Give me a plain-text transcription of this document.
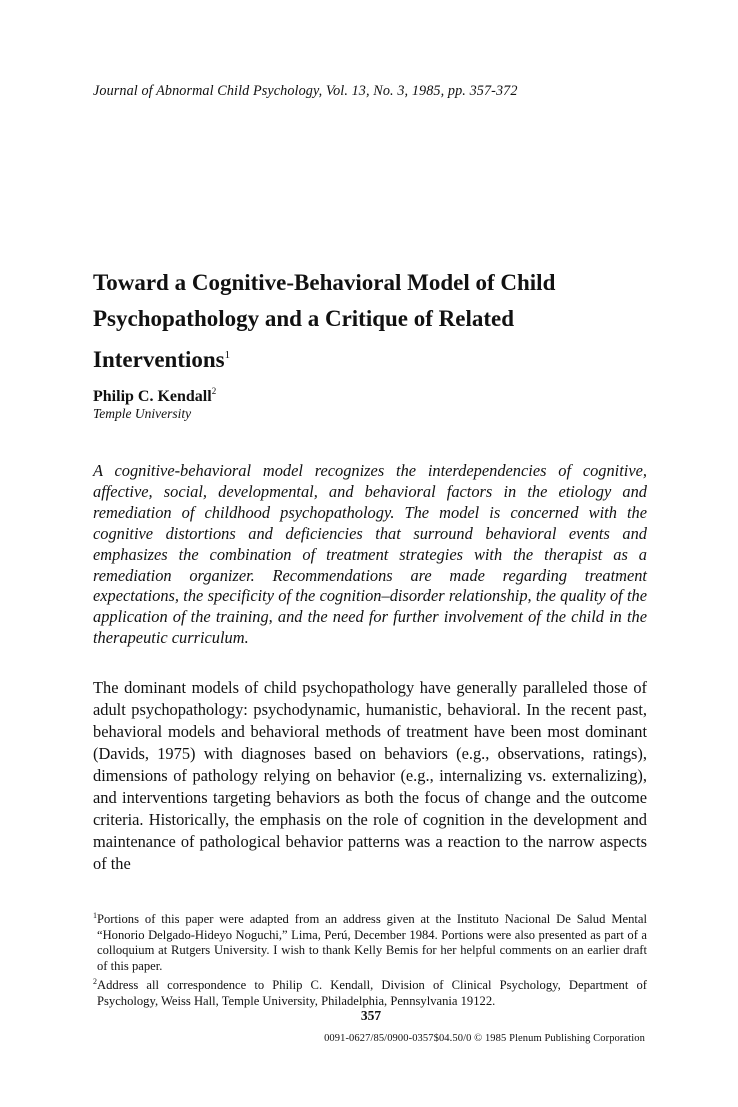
Journal of Abnormal Child Psychology, Vol. 13, No. 3, 1985, pp. 357-372
Toward a Cognitive-Behavioral Model of Child Psychopathology and a Critique of Related Interventions$^1$
Philip C. Kendall$^2$
Temple University
A cognitive-behavioral model recognizes the interdependencies of cognitive, affective, social, developmental, and behavioral factors in the etiology and remediation of childhood psychopathology. The model is concerned with the cognitive distortions and deficiencies that surround behavioral events and emphasizes the combination of treatment strategies with the therapist as a remediation organizer. Recommendations are made regarding treatment expectations, the specificity of the cognition–disorder relationship, the quality of the application of the training, and the need for further involvement of the child in the therapeutic curriculum.
The dominant models of child psychopathology have generally paralleled those of adult psychopathology: psychodynamic, humanistic, behavioral. In the recent past, behavioral models and behavioral methods of treatment have been most dominant (Davids, 1975) with diagnoses based on behaviors (e.g., observations, ratings), dimensions of pathology relying on behavior (e.g., internalizing vs. externalizing), and interventions targeting behaviors as both the focus of change and the outcome criteria. Historically, the emphasis on the role of cognition in the development and maintenance of pathological behavior patterns was a reaction to the narrow aspects of the
$^1$Portions of this paper were adapted from an address given at the Instituto Nacional De Salud Mental “Honorio Delgado-Hideyo Noguchi,” Lima, Perú, December 1984. Portions were also presented as part of a colloquium at Rutgers University. I wish to thank Kelly Bemis for her helpful comments on an earlier draft of this paper.
$^2$Address all correspondence to Philip C. Kendall, Division of Clinical Psychology, Department of Psychology, Weiss Hall, Temple University, Philadelphia, Pennsylvania 19122.
357
0091-0627/85/0900-0357$04.50/0 © 1985 Plenum Publishing Corporation
